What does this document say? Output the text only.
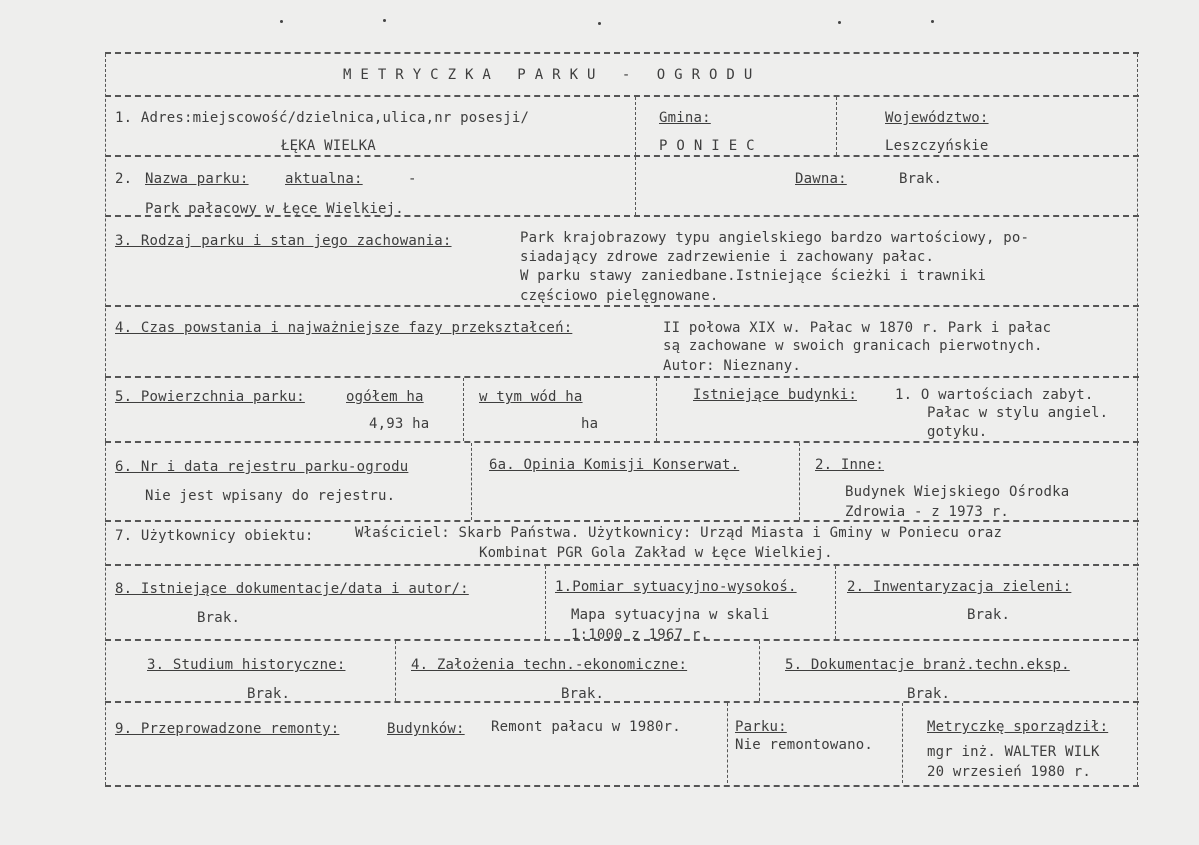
METRYCZKA PARKU - OGRODU
1. Adres:miejscowość/dzielnica,ulica,nr posesji/
ŁĘKA WIELKA
Gmina:
PONIEC
Województwo:
Leszczyńskie
2. Nazwa parku:	aktualna:	-
Park pałacowy w Łęce Wielkiej.
Dawna:	Brak.
3. Rodzaj parku i stan jego zachowania:	Park krajobrazowy typu angielskiego bardzo wartościowy, po-
siadający zdrowe zadrzewienie i zachowany pałac.
W parku stawy zaniedbane.Istniejące ścieżki i trawniki
częściowo pielęgnowane.
4. Czas powstania i najważniejsze fazy przekształceń:	II połowa XIX w. Pałac w 1870 r. Park i pałac
są zachowane w swoich granicach pierwotnych.
Autor: Nieznany.
5. Powierzchnia parku:	ogółem ha
4,93 ha
w tym wód ha
ha
Istniejące budynki:	1. O wartościach zabyt.
Pałac w stylu angiel.
gotyku.
6. Nr i data rejestru parku-ogrodu
Nie jest wpisany do rejestru.
6a. Opinia Komisji Konserwat.	2. Inne:
Budynek Wiejskiego Ośrodka
Zdrowia - z 1973 r.
7. Użytkownicy obiektu:	Właściciel: Skarb Państwa. Użytkownicy: Urząd Miasta i Gminy w Poniecu oraz
Kombinat PGR Gola Zakład w Łęce Wielkiej.
8. Istniejące dokumentacje/data i autor/:
Brak.
1.Pomiar sytuacyjno-wysokoś.
Mapa sytuacyjna w skali
1:1000 z 1967 r.
2. Inwentaryzacja zieleni:
Brak.
3. Studium historyczne:
Brak.
4. Założenia techn.-ekonomiczne:
Brak.
5. Dokumentacje branż.techn.eksp.
Brak.
9. Przeprowadzone remonty:	Budynków: Remont pałacu w 1980r.	Parku:
Nie remontowano.
Metryczkę sporządził:
mgr inż. WALTER WILK
20 wrzesień 1980 r.
